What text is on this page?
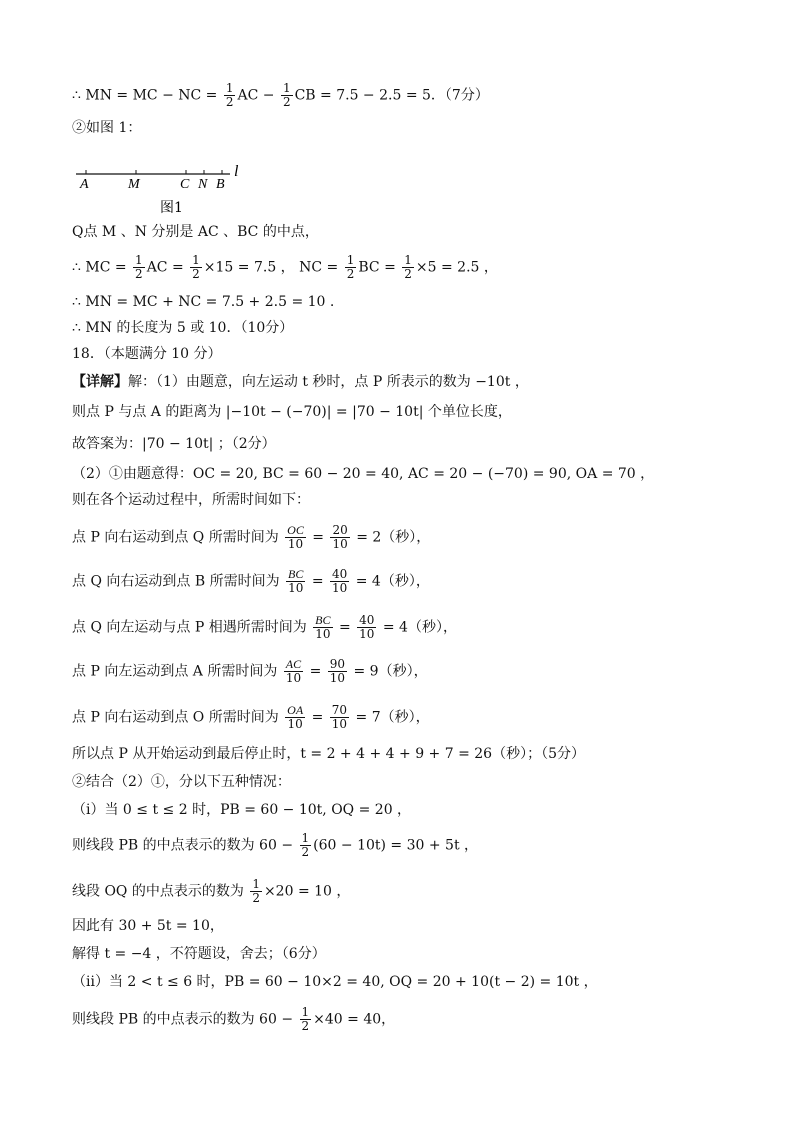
∴ MN = MC − NC = $\frac{1}{2}$ AC − $\frac{1}{2}$ CB = 7.5 − 2.5 = 5．（7分）
②如图 1：
A	M	C N B
l
图1
Q点 M 、N 分别是 AC 、BC 的中点，
∴ MC = $\frac{1}{2}$ AC = $\frac{1}{2} \times 15 = 7.5$ ， NC = $\frac{1}{2}$ BC = $\frac{1}{2} \times 5 = 2.5$ ，
∴ MN = MC + NC = 7.5 + 2.5 = 10 .
∴ MN 的长度为 5 或 10．（10分）
18．（本题满分 10 分）
【详解】解：（1）由题意，向左运动 t 秒时，点 P 所表示的数为 −10t ，
则点 P 与点 A 的距离为 |−10t − (−70)| = |70 − 10t| 个单位长度，
故答案为：|70 − 10t| ；（2分）
（2）①由题意得：OC = 20, BC = 60 − 20 = 40, AC = 20 − (−70) = 90, OA = 70 ，
则在各个运动过程中，所需时间如下：
点 P 向右运动到点 Q 所需时间为 $\frac{OC}{10} = \frac{20}{10} = 2$（秒），
点 Q 向右运动到点 B 所需时间为 $\frac{BC}{10} = \frac{40}{10} = 4$（秒），
点 Q 向左运动与点 P 相遇所需时间为 $\frac{BC}{10} = \frac{40}{10} = 4$（秒），
点 P 向左运动到点 A 所需时间为 $\frac{AC}{10} = \frac{90}{10} = 9$（秒），
点 P 向右运动到点 O 所需时间为 $\frac{OA}{10} = \frac{70}{10} = 7$（秒），
所以点 P 从开始运动到最后停止时，t = 2 + 4 + 4 + 9 + 7 = 26（秒）；（5分）
②结合（2）①，分以下五种情况：
（ⅰ）当 0 ≤ t ≤ 2 时，PB = 60 − 10t, OQ = 20 ，
则线段 PB 的中点表示的数为 $60 - \frac{1}{2} (60 - 10t) = 30 + 5t$ ，
线段 OQ 的中点表示的数为 $\frac{1}{2} \times 20 = 10$ ，
因此有 30 + 5t = 10，
解得 t = −4 ，不符题设，舍去；（6分）
（ⅱ）当 2 < t ≤ 6 时，PB = 60 − 10×2 = 40, OQ = 20 + 10(t − 2) = 10t ，
则线段 PB 的中点表示的数为 $60 - \frac{1}{2} \times 40 = 40$，
